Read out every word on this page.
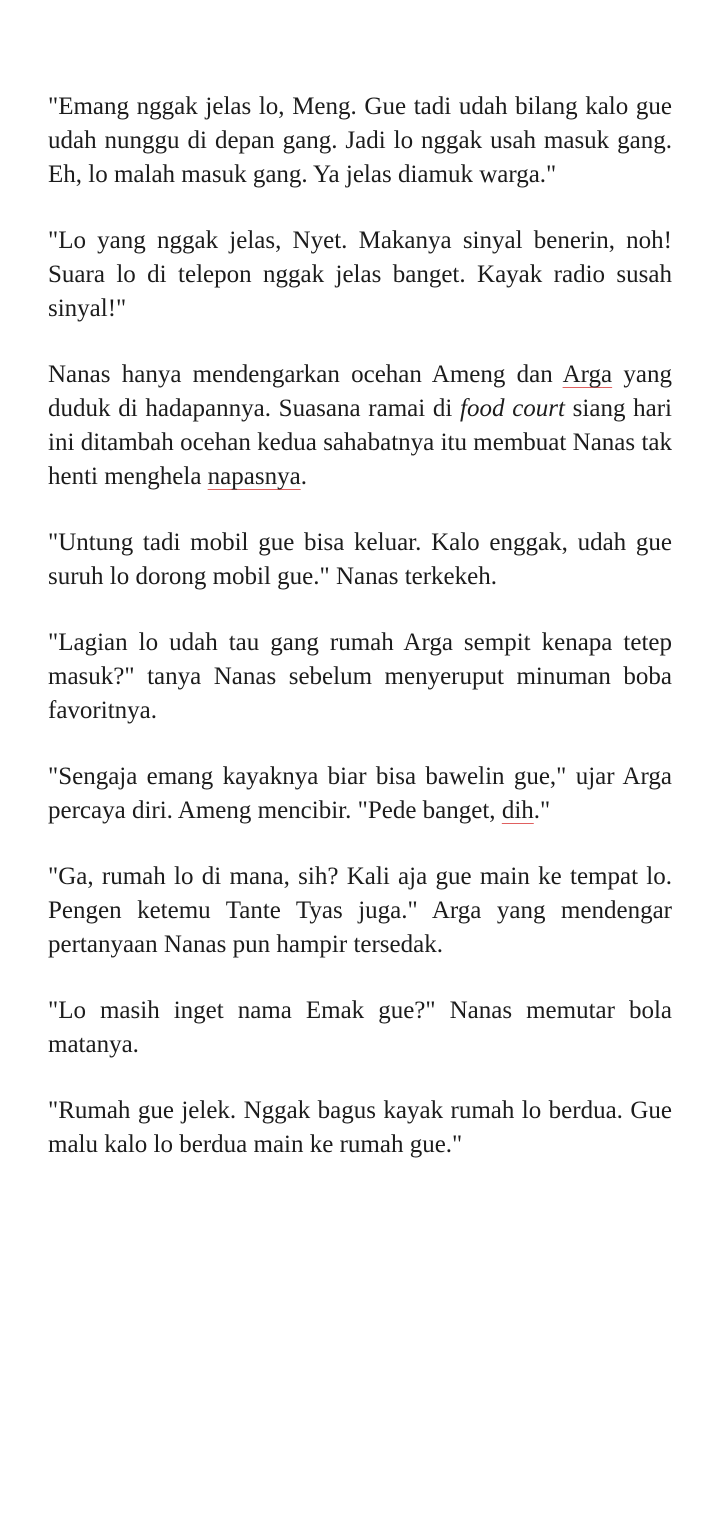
"Emang nggak jelas lo, Meng. Gue tadi udah bilang kalo gue udah nunggu di depan gang. Jadi lo nggak usah masuk gang. Eh, lo malah masuk gang. Ya jelas diamuk warga."

"Lo yang nggak jelas, Nyet. Makanya sinyal benerin, noh! Suara lo di telepon nggak jelas banget. Kayak radio susah sinyal!"

Nanas hanya mendengarkan ocehan Ameng dan Arga yang duduk di hadapannya. Suasana ramai di food court siang hari ini ditambah ocehan kedua sahabatnya itu membuat Nanas tak henti menghela napasnya.

"Untung tadi mobil gue bisa keluar. Kalo enggak, udah gue suruh lo dorong mobil gue." Nanas terkekeh.

"Lagian lo udah tau gang rumah Arga sempit kenapa tetep masuk?" tanya Nanas sebelum menyeruput minuman boba favoritnya.

"Sengaja emang kayaknya biar bisa bawelin gue," ujar Arga percaya diri. Ameng mencibir. "Pede banget, dih."

"Ga, rumah lo di mana, sih? Kali aja gue main ke tempat lo. Pengen ketemu Tante Tyas juga." Arga yang mendengar pertanyaan Nanas pun hampir tersedak.

"Lo masih inget nama Emak gue?" Nanas memutar bola matanya.

"Rumah gue jelek. Nggak bagus kayak rumah lo berdua. Gue malu kalo lo berdua main ke rumah gue."
